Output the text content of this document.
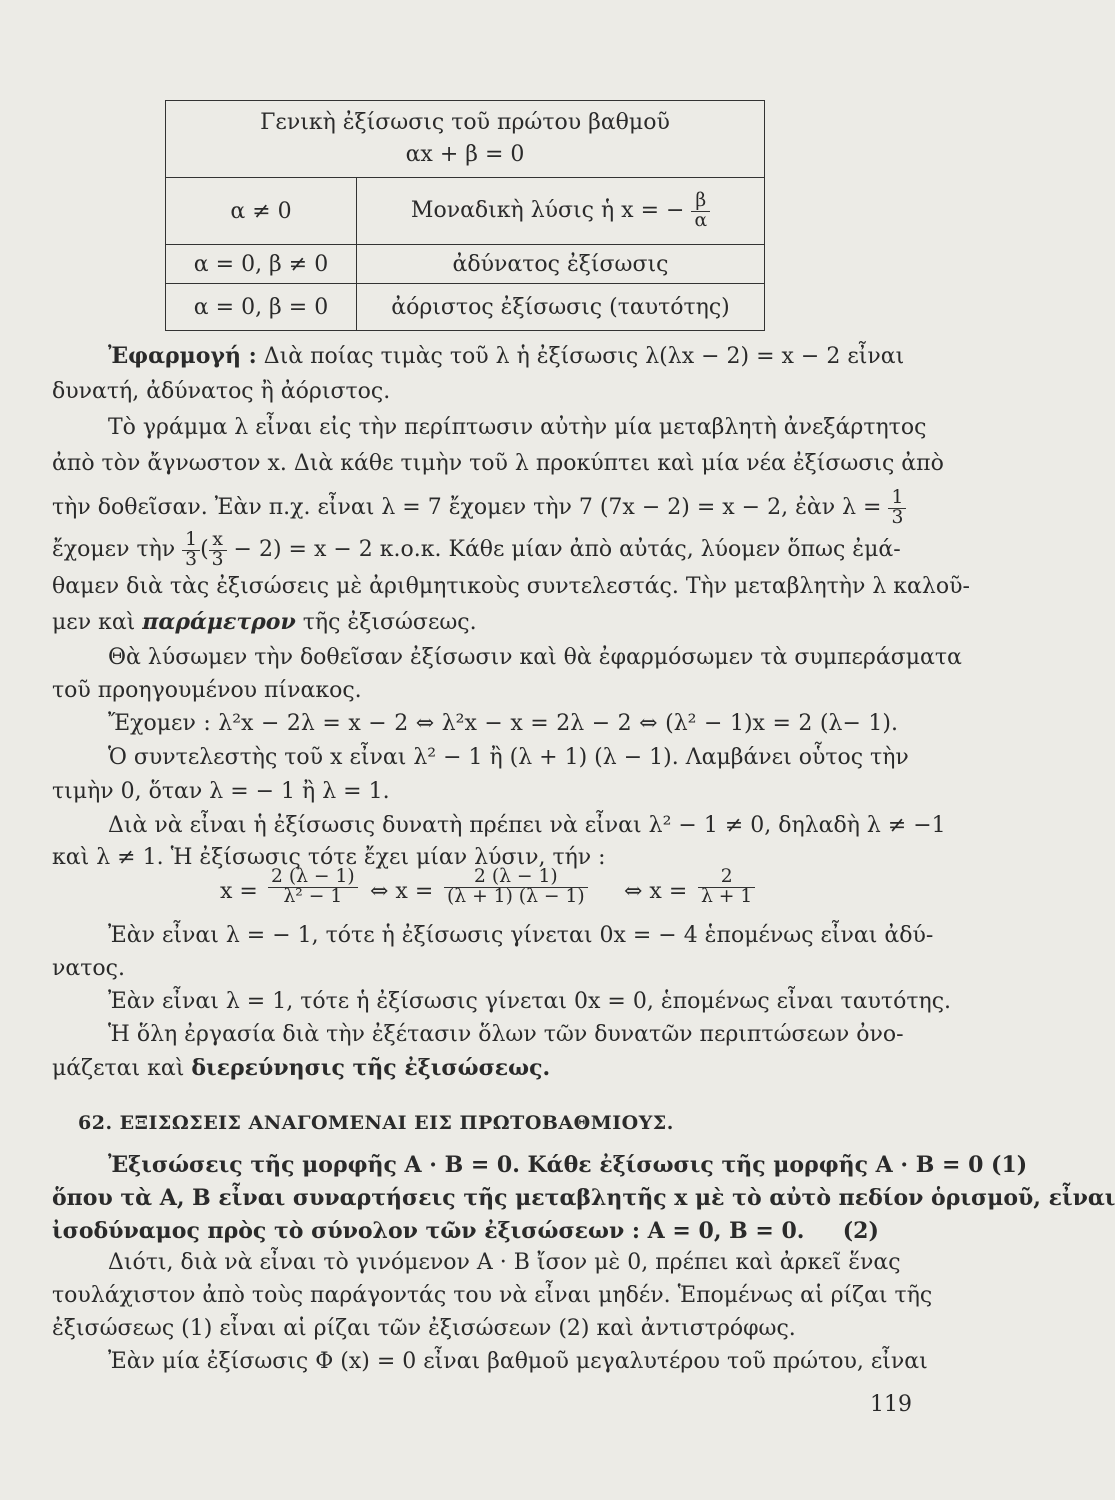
Γενικὴ ἐξίσωσις τοῦ πρώτου βαθμοῦ
αx + β = 0	

α ≠ 0	Μοναδικὴ λύσις ἡ x = − $\frac{\beta}{\alpha}$

α = 0, β ≠ 0	ἀδύνατος ἐξίσωσις
α = 0, β = 0	ἀόριστος ἐξίσωσις (ταυτότης)
Ἐφαρμογή : Διὰ ποίας τιμὰς τοῦ λ ἡ ἐξίσωσις λ(λx − 2) = x − 2 εἶναι
δυνατή, ἀδύνατος ἢ ἀόριστος.
Τὸ γράμμα λ εἶναι εἰς τὴν περίπτωσιν αὐτὴν μία μεταβλητὴ ἀνεξάρτητος
ἀπὸ τὸν ἄγνωστον x. Διὰ κάθε τιμὴν τοῦ λ προκύπτει καὶ μία νέα ἐξίσωσις ἀπὸ
τὴν δοθεῖσαν. Ἐὰν π.χ. εἶναι λ = 7 ἔχομεν τὴν 7 (7x − 2) = x − 2, ἐὰν $\lambda = \frac{1}{3}$
ἔχομεν τὴν $\frac{1}{3}$ ( $\frac{x}{3} - 2) = x - 2$ κ.ο.κ. Κάθε μίαν ἀπὸ αὐτάς, λύομεν ὅπως ἐμά-
θαμεν διὰ τὰς ἐξισώσεις μὲ ἀριθμητικοὺς συντελεστάς. Τὴν μεταβλητὴν λ καλοῦ-
μεν καὶ παράμετρον τῆς ἐξισώσεως.
Θὰ λύσωμεν τὴν δοθεῖσαν ἐξίσωσιν καὶ θὰ ἐφαρμόσωμεν τὰ συμπεράσματα
τοῦ προηγουμένου πίνακος.
Ἔχομεν : λ²x − 2λ = x − 2 ⇔ λ²x − x = 2λ − 2 ⇔ (λ² − 1)x = 2 (λ− 1).
Ὁ συντελεστὴς τοῦ x εἶναι λ² − 1 ἢ (λ + 1) (λ − 1). Λαμβάνει οὗτος τὴν
τιμὴν 0, ὅταν λ = − 1 ἢ λ = 1.
Διὰ νὰ εἶναι ἡ ἐξίσωσις δυνατὴ πρέπει νὰ εἶναι λ² − 1 ≠ 0, δηλαδὴ λ ≠ −1
καὶ λ ≠ 1. Ἡ ἐξίσωσις τότε ἔχει μίαν λύσιν, τήν :
$x = \frac{2 (\lambda - 1)}{\text{λ² − 1}}$ ⇔ $x = \frac{2 (\lambda - 1)}{(\lambda + 1) (\lambda - 1)}$ ⇔ $x = \frac{2}{\lambda + 1}$
Ἐὰν εἶναι λ = − 1, τότε ἡ ἐξίσωσις γίνεται 0x = − 4 ἑπομένως εἶναι ἀδύ-
νατος.
Ἐὰν εἶναι λ = 1, τότε ἡ ἐξίσωσις γίνεται 0x = 0, ἑπομένως εἶναι ταυτότης.
Ἡ ὅλη ἐργασία διὰ τὴν ἐξέτασιν ὅλων τῶν δυνατῶν περιπτώσεων ὀνο-
μάζεται καὶ διερεύνησις τῆς ἐξισώσεως.
62. ΕΞΙΣΩΣΕΙΣ ΑΝΑΓΟΜΕΝΑΙ ΕΙΣ ΠΡΩΤΟΒΑΘΜΙΟΥΣ.
Ἐξισώσεις τῆς μορφῆς A · B = 0. Κάθε ἐξίσωσις τῆς μορφῆς A · B = 0 (1)
ὅπου τὰ A, B εἶναι συναρτήσεις τῆς μεταβλητῆς x μὲ τὸ αὐτὸ πεδίον ὁρισμοῦ, εἶναι
ἰσοδύναμος πρὸς τὸ σύνολον τῶν ἐξισώσεων : A = 0, B = 0.     (2)
Διότι, διὰ νὰ εἶναι τὸ γινόμενον A · B ἴσον μὲ 0, πρέπει καὶ ἀρκεῖ ἕνας
τουλάχιστον ἀπὸ τοὺς παράγοντάς του νὰ εἶναι μηδέν. Ἑπομένως αἱ ρίζαι τῆς
ἐξισώσεως (1) εἶναι αἱ ρίζαι τῶν ἐξισώσεων (2) καὶ ἀντιστρόφως.
Ἐὰν μία ἐξίσωσις Φ (x) = 0 εἶναι βαθμοῦ μεγαλυτέρου τοῦ πρώτου, εἶναι
119
